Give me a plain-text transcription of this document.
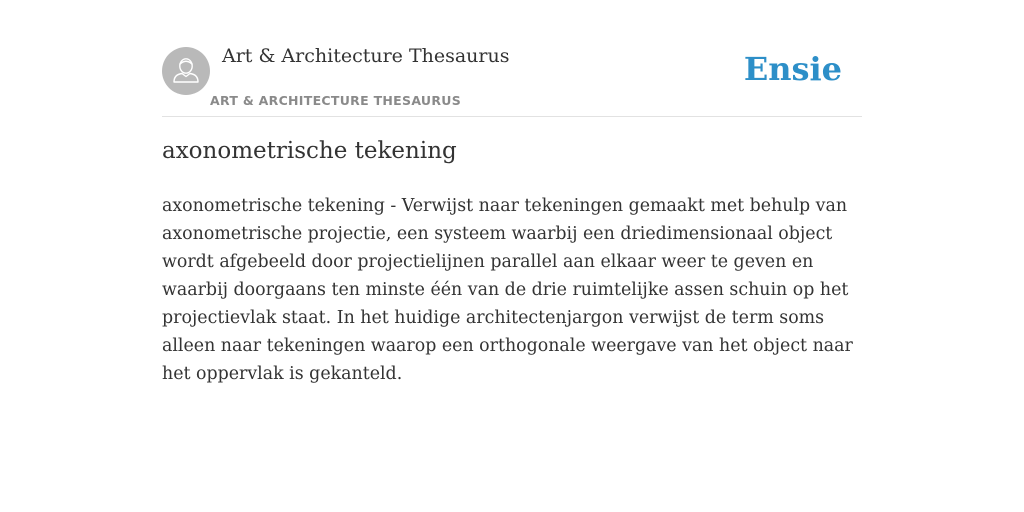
Art & Architecture Thesaurus
ART & ARCHITECTURE THESAURUS
Ensie
axonometrische tekening

axonometrische tekening - Verwijst naar tekeningen gemaakt met behulp van axonometrische projectie, een systeem waarbij een driedimensionaal object wordt afgebeeld door projectielijnen parallel aan elkaar weer te geven en waarbij doorgaans ten minste één van de drie ruimtelijke assen schuin op het projectievlak staat. In het huidige architectenjargon verwijst de term soms alleen naar tekeningen waarop een orthogonale weergave van het object naar het oppervlak is gekanteld.
